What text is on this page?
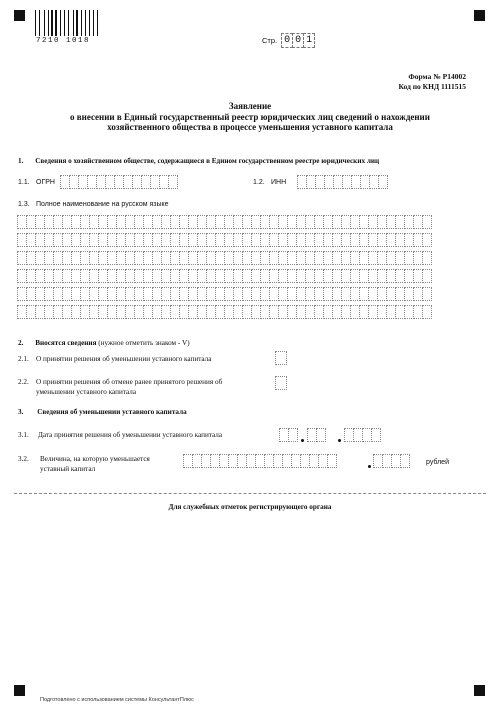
7210 1018	Стр. 0 0 1
Форма № Р14002
Код по КНД 1111515
Заявление
о внесении в Единый государственный реестр юридических лиц сведений о нахождении
хозяйственного общества в процессе уменьшения уставного капитала
1. Сведения о хозяйственном обществе, содержащиеся в Едином государственном реестре юридических лиц
1.1. ОГРН	1.2. ИНН
1.3. Полное наименование на русском языке
2. Вносятся сведения (нужное отметить знаком - V)
2.1. О принятии решения об уменьшении уставного капитала
2.2. О принятии решения об отмене ранее принятого решения об
уменьшении уставного капитала
3. Сведения об уменьшении уставного капитала
3.1. Дата принятия решения об уменьшении уставного капитала
3.2. Величина, на которую уменьшается
уставный капитал
рублей
Для служебных отметок регистрирующего органа
Подготовлено с использованием системы КонсультантПлюс
